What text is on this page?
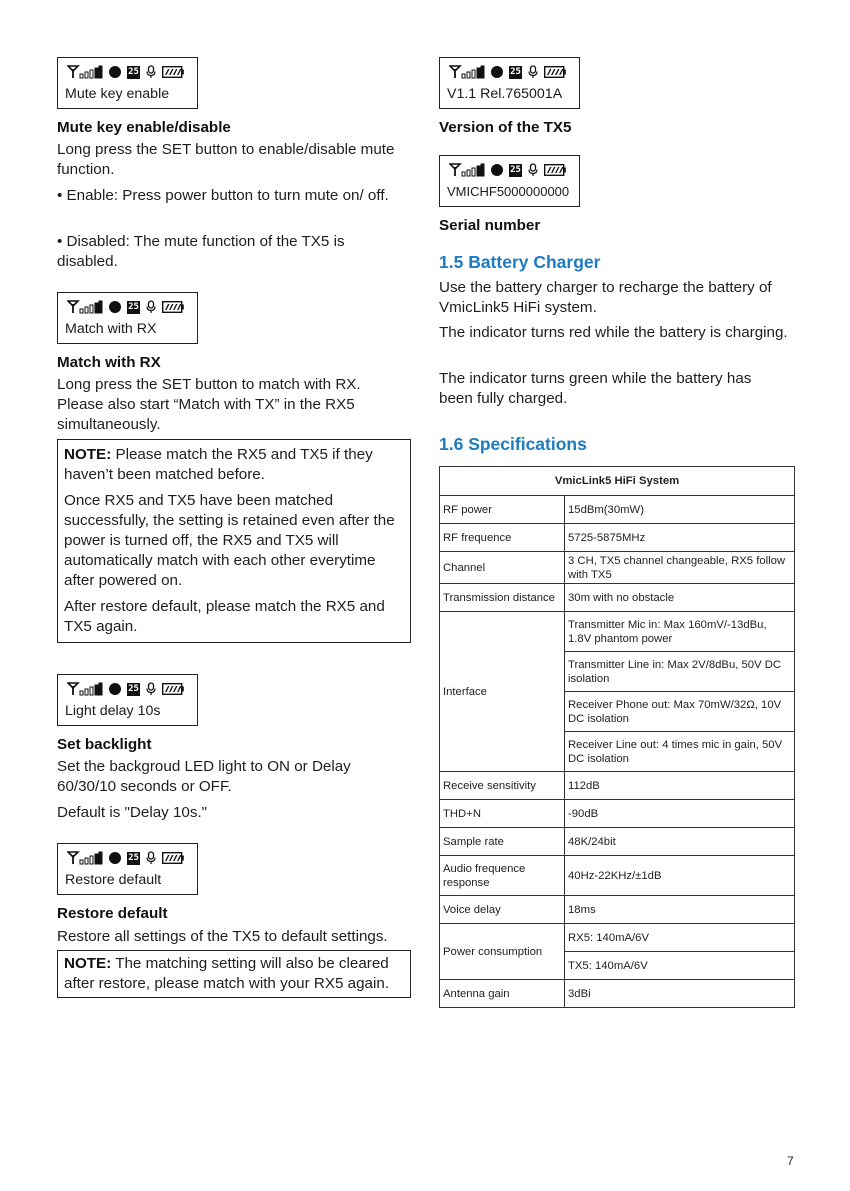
25
Mute key enable
Mute key enable/disable
Long press the SET button to enable/disable mute function.
• Enable: Press power button to turn mute on/ off.
• Disabled: The mute function of the TX5 is disabled.
25
Match with RX
Match with RX
Long press the SET button to match with RX. Please also start “Match with TX” in the RX5 simultaneously.
NOTE: Please match the RX5 and TX5 if they haven’t been matched before.
Once RX5 and TX5 have been matched successfully, the setting is retained even after the power is turned off, the RX5 and TX5 will automatically match with each other everytime after powered on.
After restore default, please match the RX5 and TX5 again.
25
Light delay 10s
Set backlight
Set the backgroud LED light to ON or Delay 60/30/10 seconds or OFF.
Default is "Delay 10s."
25
Restore default
Restore default
Restore all settings of the TX5 to default settings.
NOTE: The matching setting will also be cleared after restore, please match with your RX5 again.
25
V1.1 Rel.765001A
Version of the TX5
25
VMICHF5000000000
Serial number
1.5 Battery Charger
Use the battery charger to recharge the battery of VmicLink5 HiFi system.
The indicator turns red while the battery is charging.
The indicator turns green while the battery has been fully charged.
1.6 Specifications
VmicLink5 HiFi System	
RF power	15dBm(30mW)
RF frequence	5725-5875MHz
Channel	3 CH, TX5 channel changeable, RX5 follow with TX5
Transmission distance	30m with no obstacle
Interface	Transmitter Mic in: Max 160mV/-13dBu, 1.8V phantom power
	Transmitter Line in: Max 2V/8dBu, 50V DC isolation
	Receiver Phone out: Max 70mW/32Ω, 10V DC isolation
	Receiver Line out: 4 times mic in gain, 50V DC isolation
Receive sensitivity	112dB
THD+N	-90dB
Sample rate	48K/24bit
Audio frequence response	40Hz-22KHz/±1dB
Voice delay	18ms
Power consumption	RX5: 140mA/6V
	TX5: 140mA/6V
Antenna gain	3dBi
7
